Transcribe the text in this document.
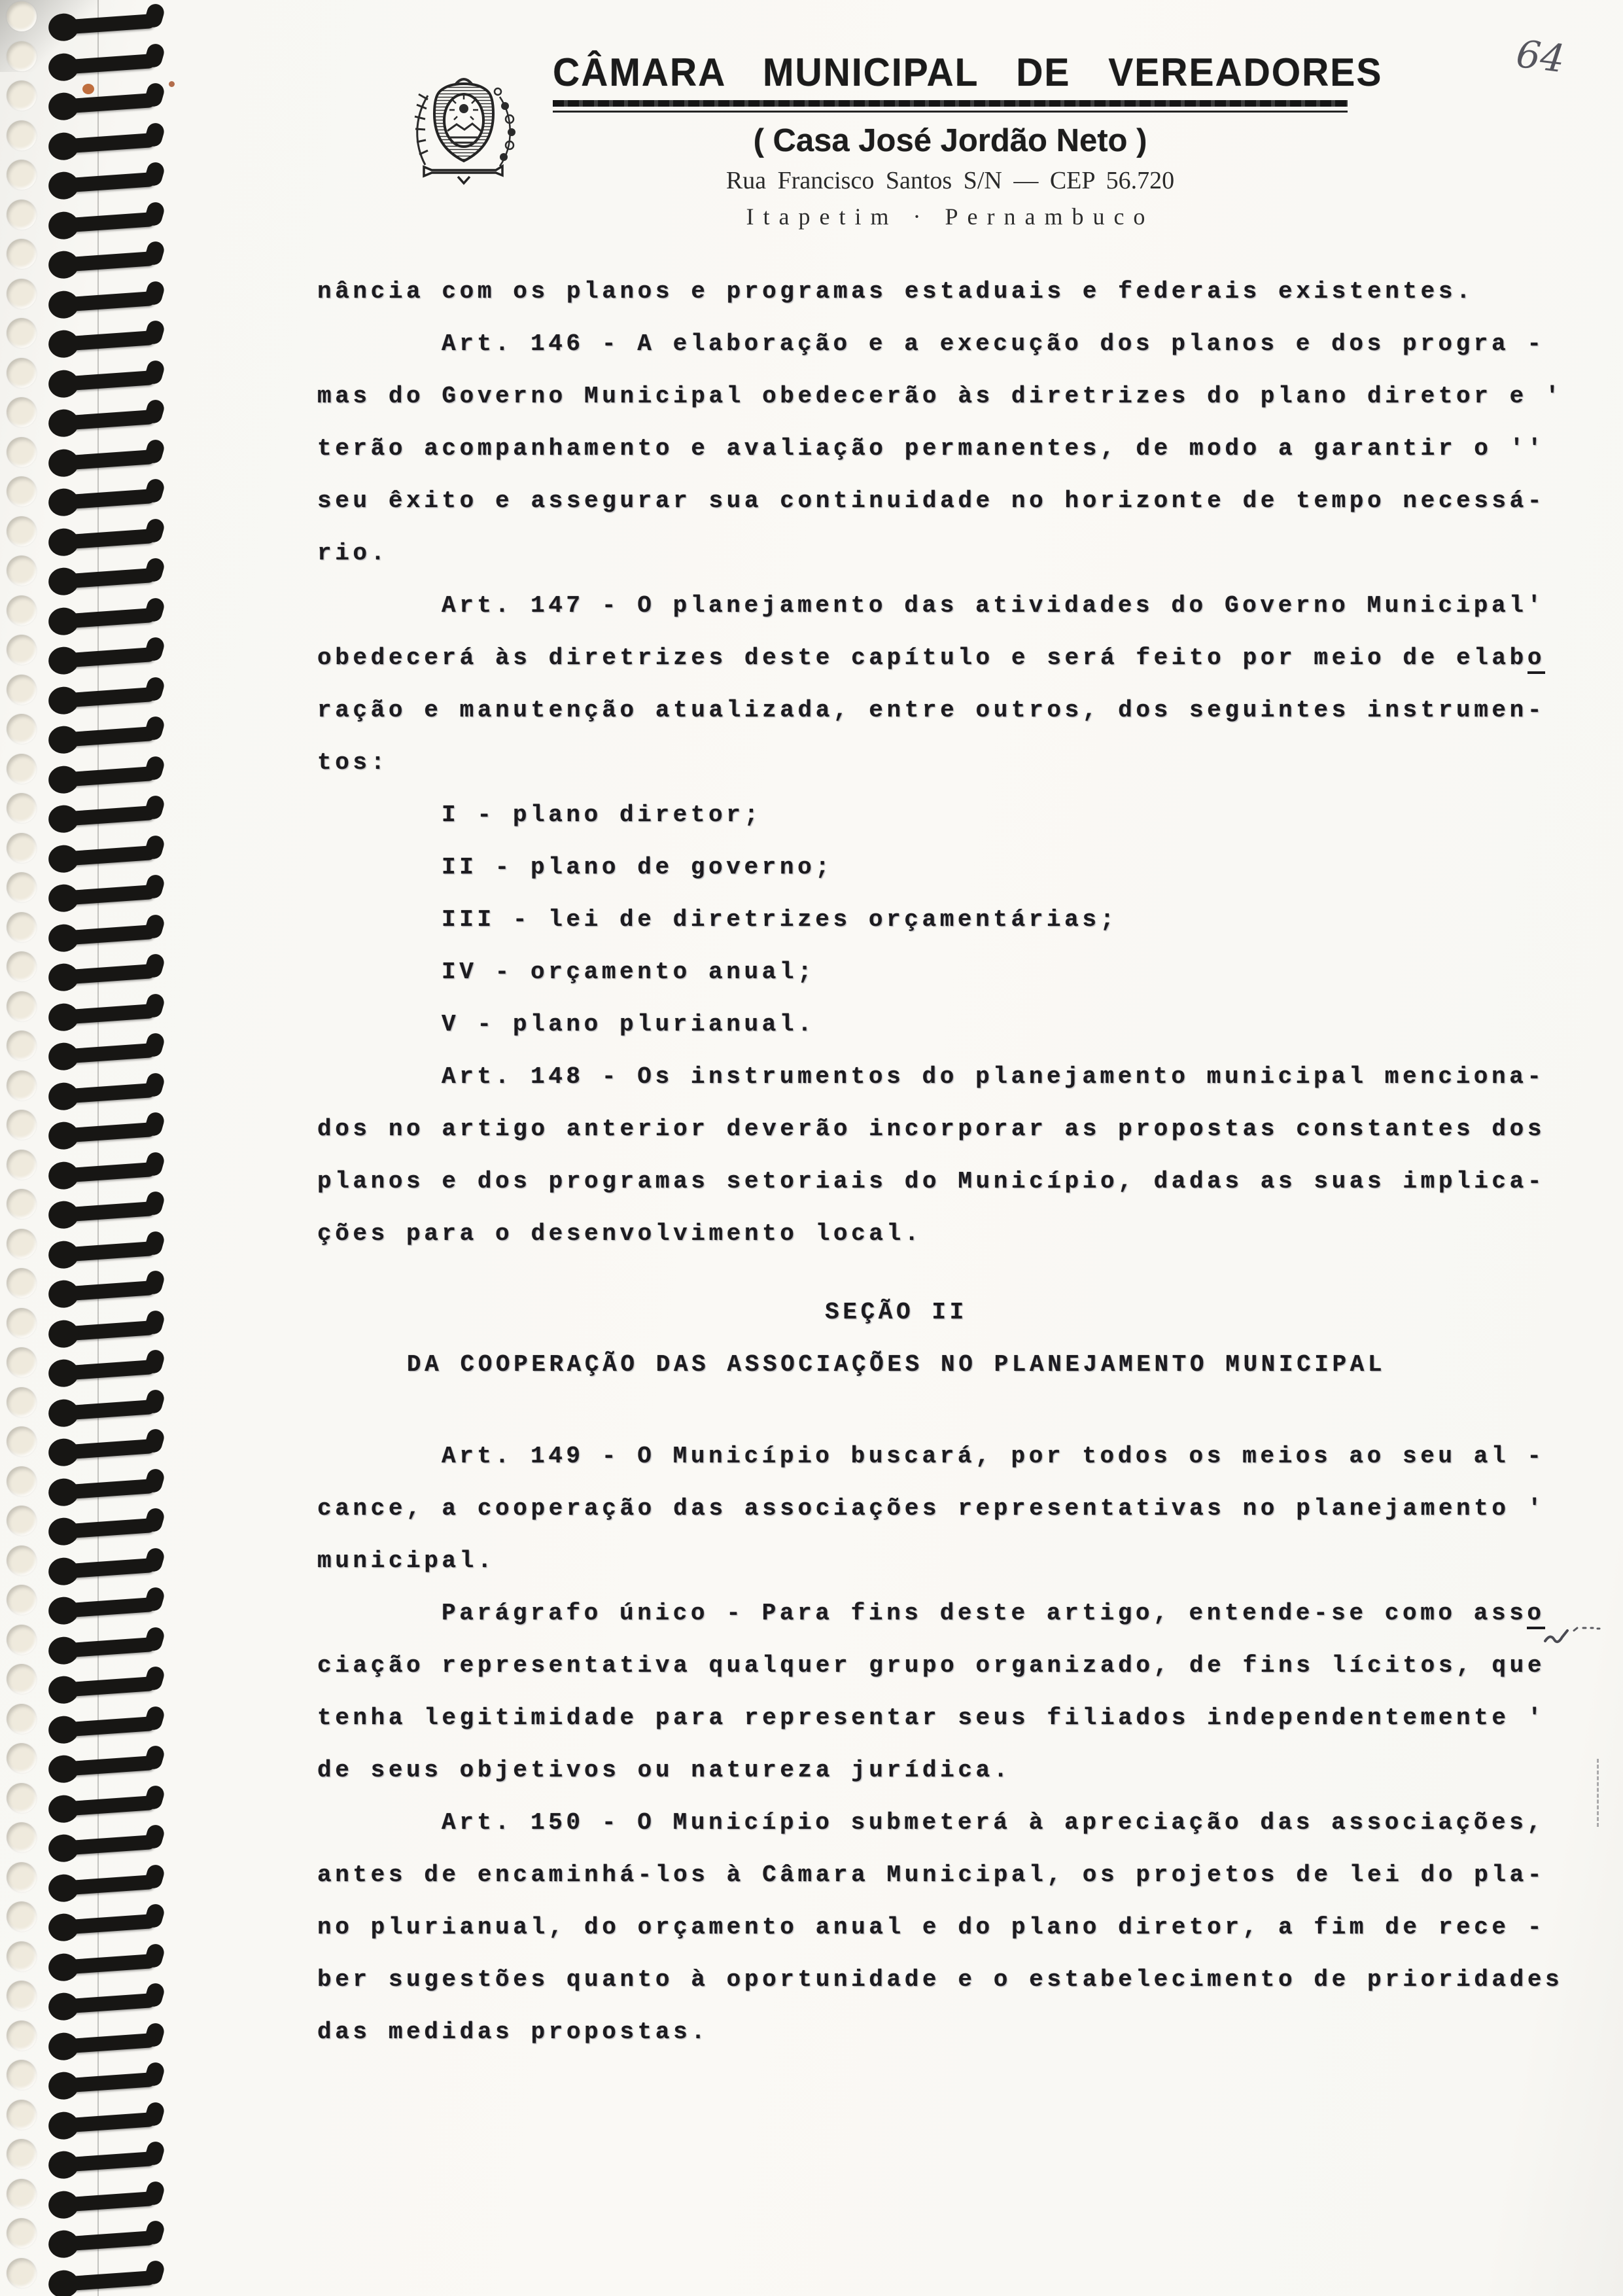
CÂMARA MUNICIPAL DE VEREADORES
( Casa José Jordão Neto )
Rua Francisco Santos S/N — CEP 56.720
Itapetim · Pernambuco
64
nância com os planos e programas estaduais e federais existentes.
Art. 146 - A elaboração e a execução dos planos e dos progra -
mas do Governo Municipal obedecerão às diretrizes do plano diretor e '
terão acompanhamento e avaliação permanentes, de modo a garantir o ''
seu êxito e assegurar sua continuidade no horizonte de tempo necessá-
rio.
Art. 147 - O planejamento das atividades do Governo Municipal'
obedecerá às diretrizes deste capítulo e será feito por meio de elabo
ração e manutenção atualizada, entre outros, dos seguintes instrumen-
tos:
I - plano diretor;
II - plano de governo;
III - lei de diretrizes orçamentárias;
IV - orçamento anual;
V - plano plurianual.
Art. 148 - Os instrumentos do planejamento municipal menciona-
dos no artigo anterior deverão incorporar as propostas constantes dos
planos e dos programas setoriais do Município, dadas as suas implica-
ções para o desenvolvimento local.
SEÇÃO II
DA COOPERAÇÃO DAS ASSOCIAÇÕES NO PLANEJAMENTO MUNICIPAL
Art. 149 - O Município buscará, por todos os meios ao seu al -
cance, a cooperação das associações representativas no planejamento '
municipal.
Parágrafo único - Para fins deste artigo, entende-se como asso
ciação representativa qualquer grupo organizado, de fins lícitos, que
tenha legitimidade para representar seus filiados independentemente '
de seus objetivos ou natureza jurídica.
Art. 150 - O Município submeterá à apreciação das associações,
antes de encaminhá-los à Câmara Municipal, os projetos de lei do pla-
no plurianual, do orçamento anual e do plano diretor, a fim de rece -
ber sugestões quanto à oportunidade e o estabelecimento de prioridades
das medidas propostas.
